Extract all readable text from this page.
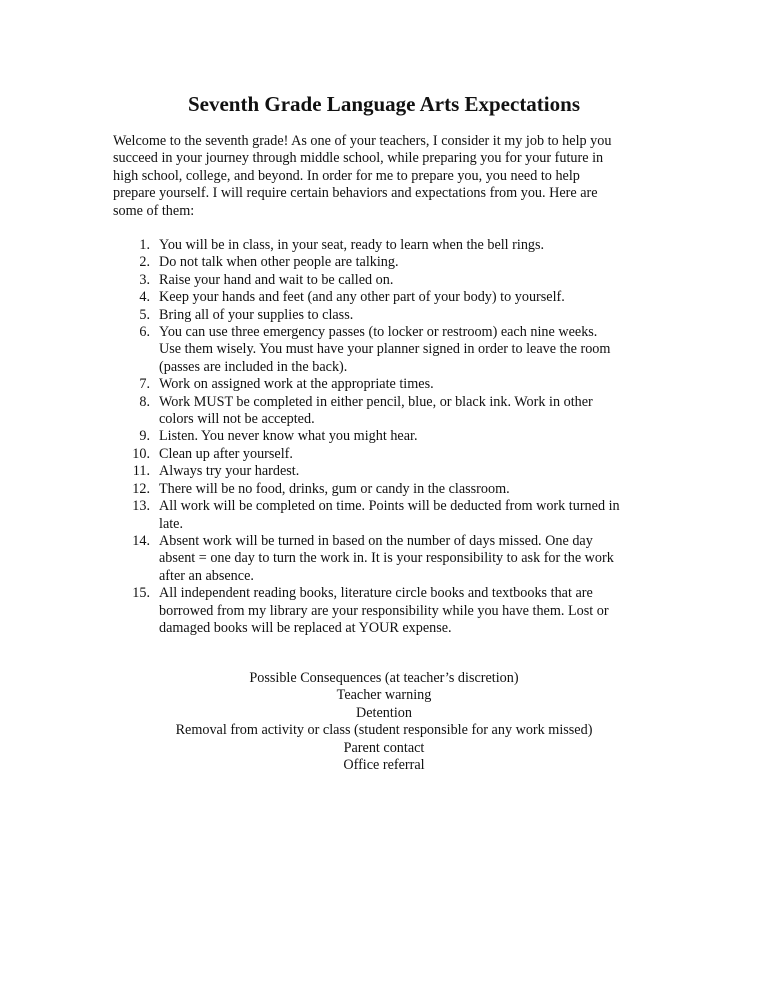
Seventh Grade Language Arts Expectations
Welcome to the seventh grade! As one of your teachers, I consider it my job to help you
succeed in your journey through middle school, while preparing you for your future in
high school, college, and beyond. In order for me to prepare you, you need to help
prepare yourself. I will require certain behaviors and expectations from you. Here are
some of them:
1. You will be in class, in your seat, ready to learn when the bell rings.
2. Do not talk when other people are talking.
3. Raise your hand and wait to be called on.
4. Keep your hands and feet (and any other part of your body) to yourself.
5. Bring all of your supplies to class.
6. You can use three emergency passes (to locker or restroom) each nine weeks.
Use them wisely. You must have your planner signed in order to leave the room
(passes are included in the back).
7. Work on assigned work at the appropriate times.
8. Work MUST be completed in either pencil, blue, or black ink. Work in other
colors will not be accepted.
9. Listen. You never know what you might hear.
10. Clean up after yourself.
11. Always try your hardest.
12. There will be no food, drinks, gum or candy in the classroom.
13. All work will be completed on time. Points will be deducted from work turned in
late.
14. Absent work will be turned in based on the number of days missed. One day
absent = one day to turn the work in. It is your responsibility to ask for the work
after an absence.
15. All independent reading books, literature circle books and textbooks that are
borrowed from my library are your responsibility while you have them. Lost or
damaged books will be replaced at YOUR expense.
Possible Consequences (at teacher’s discretion)
Teacher warning
Detention
Removal from activity or class (student responsible for any work missed)
Parent contact
Office referral
